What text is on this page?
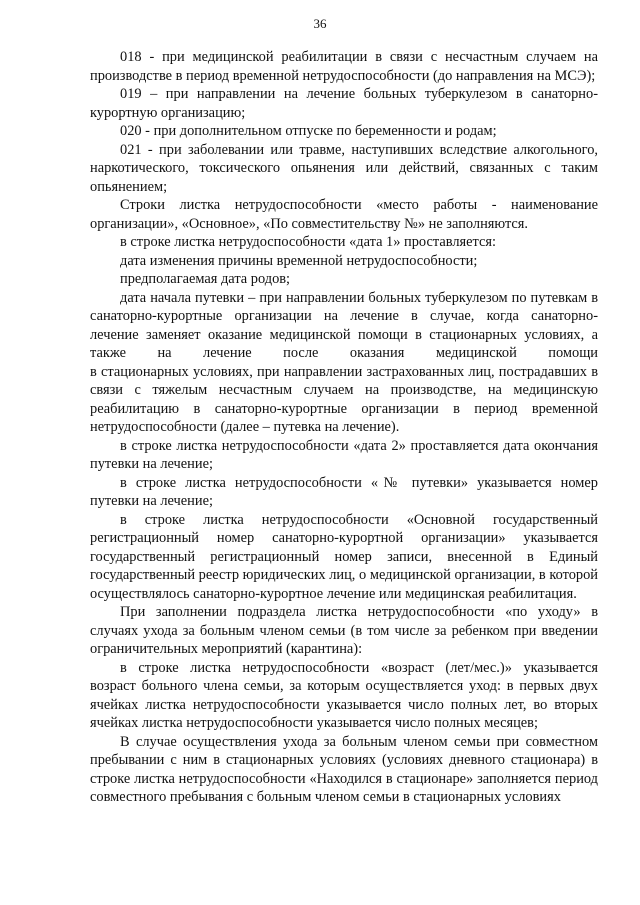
36
018 - при медицинской реабилитации в связи с несчастным случаем на
производстве в период временной нетрудоспособности (до направления на МСЭ);
019 – при направлении на лечение больных туберкулезом в санаторно-
курортную организацию;
020 - при дополнительном отпуске по беременности и родам;
021 - при заболевании или травме, наступивших вследствие алкогольного,
наркотического, токсического опьянения или действий, связанных с таким
опьянением;
Строки листка нетрудоспособности «место работы - наименование
организации», «Основное», «По совместительству №» не заполняются.
в строке листка нетрудоспособности «дата 1» проставляется:
дата изменения причины временной нетрудоспособности;
предполагаемая дата родов;
дата начала путевки – при направлении больных туберкулезом по путевкам в
санаторно-курортные организации на лечение в случае, когда санаторно-
лечение заменяет оказание медицинской помощи в стационарных условиях, а
также на лечение после оказания медицинской помощи
в стационарных условиях, при направлении застрахованных лиц, пострадавших в
связи с тяжелым несчастным случаем на производстве, на медицинскую
реабилитацию в санаторно-курортные организации в период временной
нетрудоспособности (далее – путевка на лечение).
в строке листка нетрудоспособности «дата 2» проставляется дата окончания
путевки на лечение;
в строке листка нетрудоспособности «№ путевки» указывается номер
путевки на лечение;
в строке листка нетрудоспособности «Основной государственный
регистрационный номер санаторно-курортной организации» указывается
государственный регистрационный номер записи, внесенной в Единый
государственный реестр юридических лиц, о медицинской организации, в которой
осуществлялось санаторно-курортное лечение или медицинская реабилитация.
При заполнении подраздела листка нетрудоспособности «по уходу» в
случаях ухода за больным членом семьи (в том числе за ребенком при введении
ограничительных мероприятий (карантина):
в строке листка нетрудоспособности «возраст (лет/мес.)» указывается
возраст больного члена семьи, за которым осуществляется уход: в первых двух
ячейках листка нетрудоспособности указывается число полных лет, во вторых
ячейках листка нетрудоспособности указывается число полных месяцев;
В случае осуществления ухода за больным членом семьи при совместном
пребывании с ним в стационарных условиях (условиях дневного стационара) в
строке листка нетрудоспособности «Находился в стационаре» заполняется период
совместного пребывания с больным членом семьи в стационарных условиях
